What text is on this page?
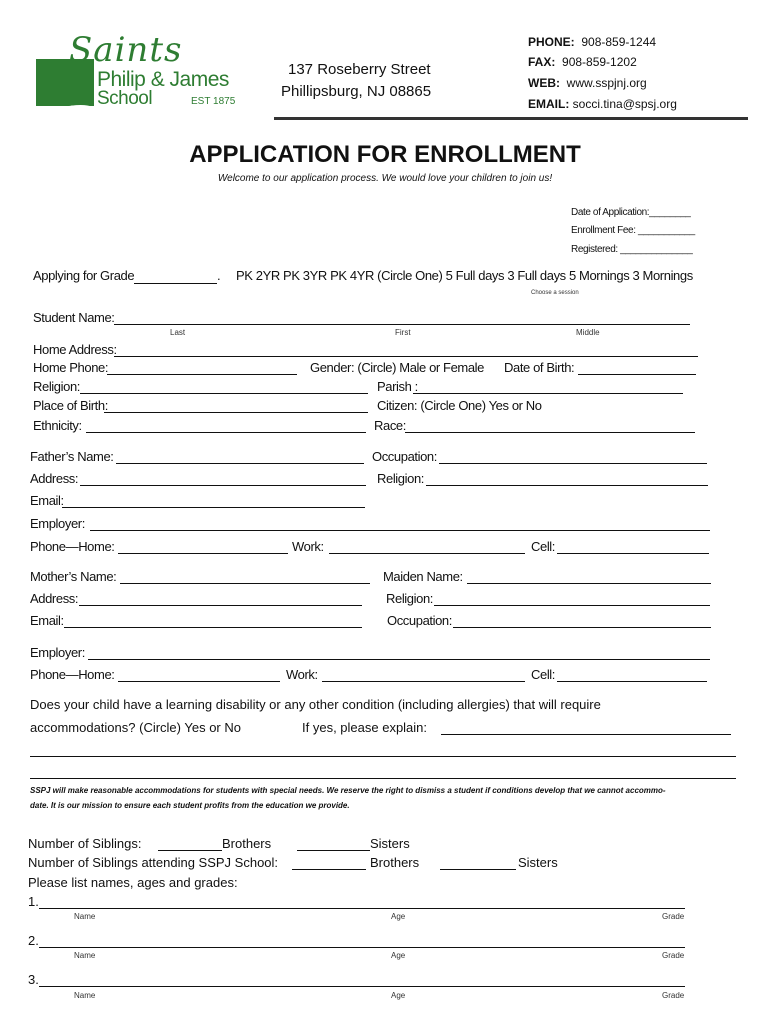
Saints
Philip & James
School	EST 1875
137 Roseberry Street
Phillipsburg, NJ 08865
PHONE: 908-859-1244
FAX: 908-859-1202
WEB: www.sspjnj.org
EMAIL: socci.tina@spsj.org
APPLICATION FOR ENROLLMENT
Welcome to our application process. We would love your children to join us!
Date of Application:________
Enrollment Fee: ___________
Registered: ______________
Applying for Grade	. PK 2YR PK 3YR PK 4YR (Circle One) 5 Full days 3 Full days 5 Mornings 3 Mornings
Choose a session
Student Name:
Last	First	Middle
Home Address:
Home Phone:	Gender: (Circle) Male or Female Date of Birth:
Religion:	Parish :
Place of Birth:	Citizen: (Circle One) Yes or No
Ethnicity:	Race:
Father’s Name:	Occupation:
Address:	Religion:
Email:
Employer:
Phone—Home:	Work:	Cell:
Mother’s Name:	Maiden Name:
Address:	Religion:
Email:	Occupation:
Employer:
Phone—Home:	Work:	Cell:
Does your child have a learning disability or any other condition (including allergies) that will require
accommodations? (Circle) Yes or No	If yes, please explain:
SSPJ will make reasonable accommodations for students with special needs. We reserve the right to dismiss a student if conditions develop that we cannot accommo-
date. It is our mission to ensure each student profits from the education we provide.
Number of Siblings:	Brothers	Sisters
Number of Siblings attending SSPJ School:	Brothers	Sisters
Please list names, ages and grades:
1.
Name	Age	Grade
2.
Name	Age	Grade
3.
Name	Age	Grade
